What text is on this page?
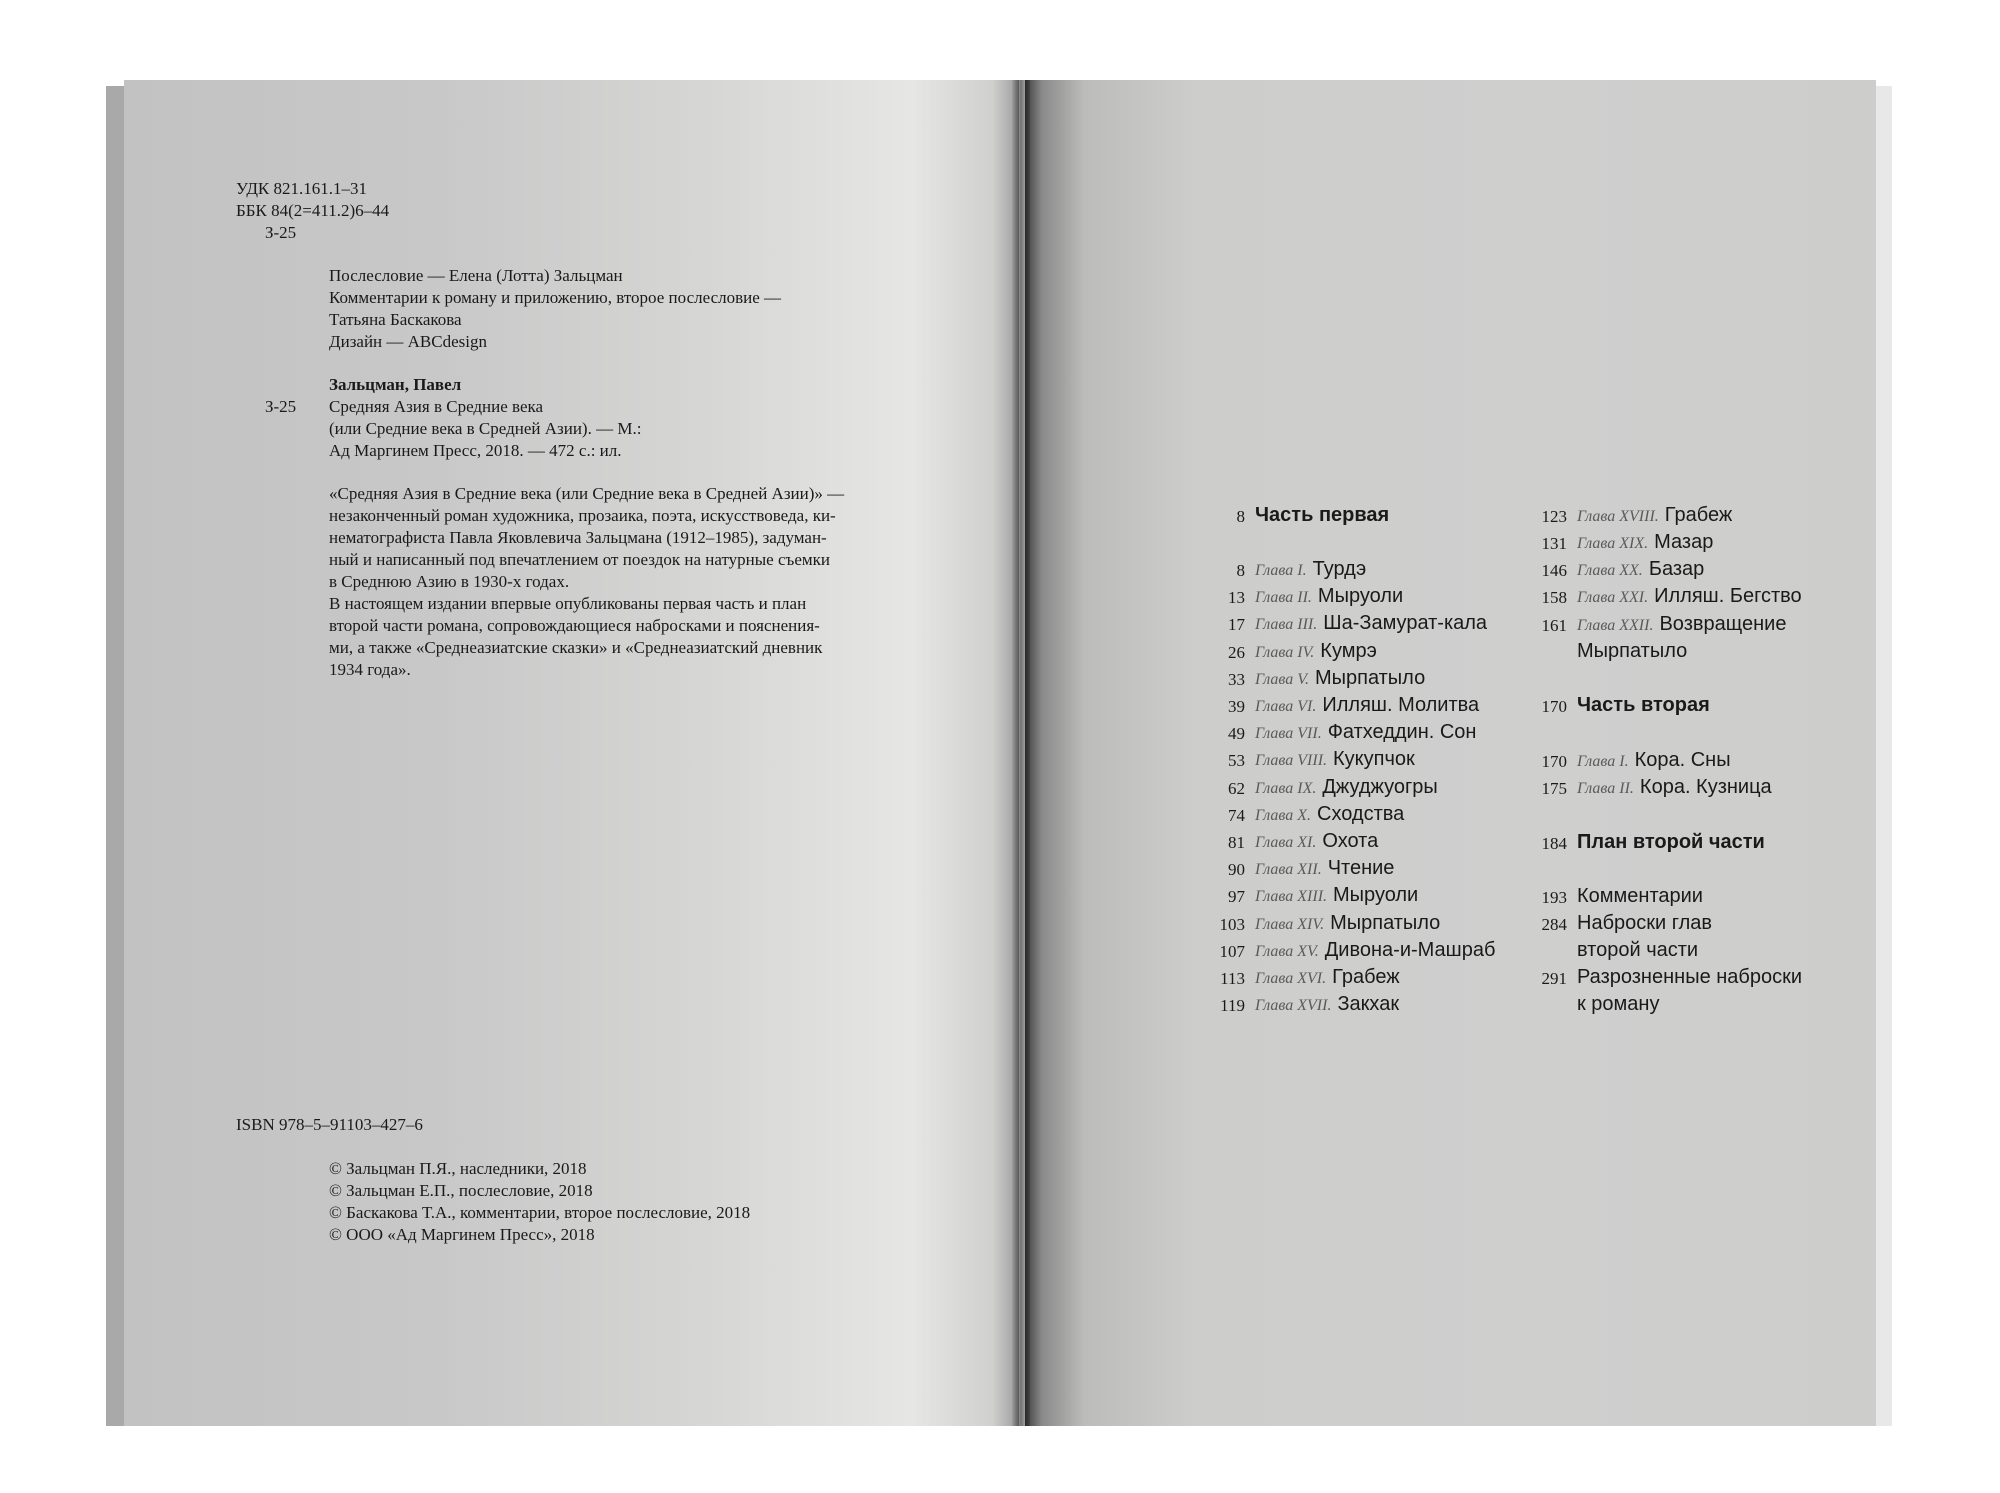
УДК 821.161.1–31
ББК 84(2=411.2)6–44
З-25
Послесловие — Елена (Лотта) Зальцман
Комментарии к роману и приложению, второе послесловие —
Татьяна Баскакова
Дизайн — ABCdesign
Зальцман, Павел
З-25 Средняя Азия в Средние века
(или Средние века в Средней Азии). — М.:
Ад Маргинем Пресс, 2018. — 472 с.: ил.
«Средняя Азия в Средние века (или Средние века в Средней Азии)» —
незаконченный роман художника, прозаика, поэта, искусствоведа, ки-
нематографиста Павла Яковлевича Зальцмана (1912–1985), задуман-
ный и написанный под впечатлением от поездок на натурные съемки
в Среднюю Азию в 1930-х годах.
В настоящем издании впервые опубликованы первая часть и план
второй части романа, сопровождающиеся набросками и пояснения-
ми, а также «Среднеазиатские сказки» и «Среднеазиатский дневник
1934 года».
ISBN 978–5–91103–427–6
© Зальцман П.Я., наследники, 2018
© Зальцман Е.П., послесловие, 2018
© Баскакова Т.А., комментарии, второе послесловие, 2018
© ООО «Ад Маргинем Пресс», 2018
8 Часть первая
8 Глава I. Турдэ
13 Глава II. Мыруоли
17 Глава III. Ша-Замурат-кала
26 Глава IV. Кумрэ
33 Глава V. Мырпатыло
39 Глава VI. Илляш. Молитва
49 Глава VII. Фатхеддин. Сон
53 Глава VIII. Кукупчок
62 Глава IX. Джуджуогры
74 Глава X. Сходства
81 Глава XI. Охота
90 Глава XII. Чтение
97 Глава XIII. Мыруоли
103 Глава XIV. Мырпатыло
107 Глава XV. Дивона-и-Машраб
113 Глава XVI. Грабеж
119 Глава XVII. Закхак
123 Глава XVIII. Грабеж
131 Глава XIX. Мазар
146 Глава XX. Базар
158 Глава XXI. Илляш. Бегство
161 Глава XXII. Возвращение
Мырпатыло
170 Часть вторая
170 Глава I. Кора. Сны
175 Глава II. Кора. Кузница
184 План второй части
193 Комментарии
284 Наброски глав
второй части
291 Разрозненные наброски
к роману
